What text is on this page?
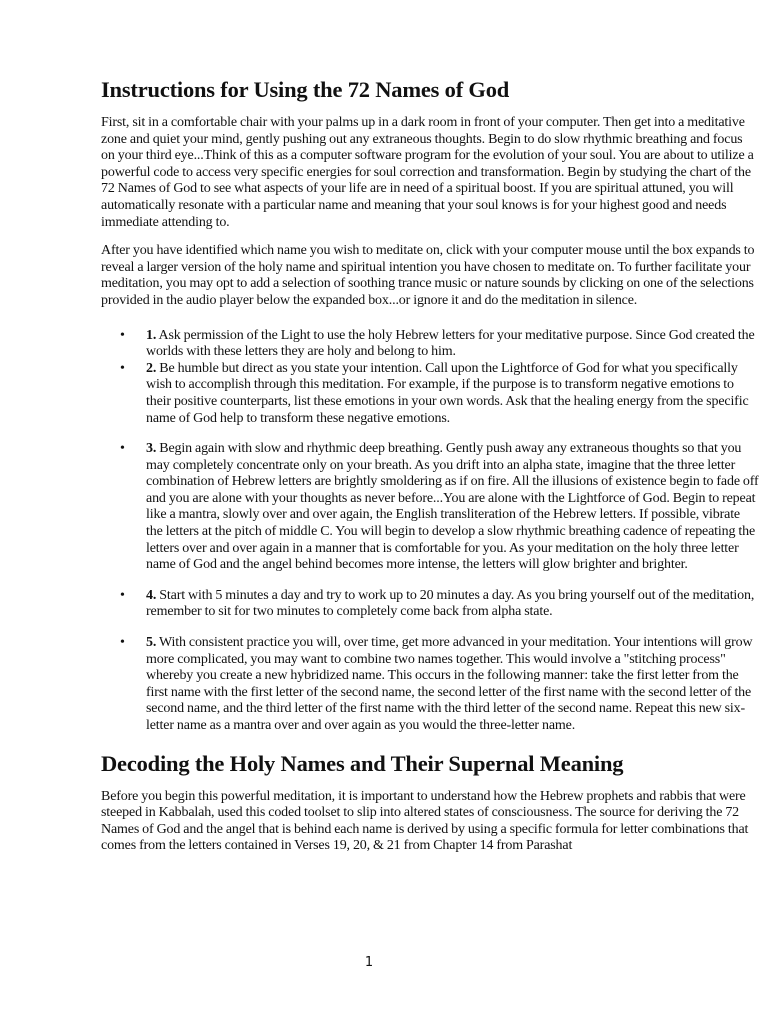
Instructions for Using the 72 Names of God

First, sit in a comfortable chair with your palms up in a dark room in front of your computer. Then get into a meditative zone and quiet your mind, gently pushing out any extraneous thoughts. Begin to do slow rhythmic breathing and focus on your third eye...Think of this as a computer software program for the evolution of your soul. You are about to utilize a powerful code to access very specific energies for soul correction and transformation. Begin by studying the chart of the 72 Names of God to see what aspects of your life are in need of a spiritual boost. If you are spiritual attuned, you will automatically resonate with a particular name and meaning that your soul knows is for your highest good and needs immediate attending to.

After you have identified which name you wish to meditate on, click with your computer mouse until the box expands to reveal a larger version of the holy name and spiritual intention you have chosen to meditate on. To further facilitate your meditation, you may opt to add a selection of soothing trance music or nature sounds by clicking on one of the selections provided in the audio player below the expanded box...or ignore it and do the meditation in silence.

• 1. Ask permission of the Light to use the holy Hebrew letters for your meditative purpose. Since God created the worlds with these letters they are holy and belong to him.
• 2. Be humble but direct as you state your intention. Call upon the Lightforce of God for what you specifically wish to accomplish through this meditation. For example, if the purpose is to transform negative emotions to their positive counterparts, list these emotions in your own words. Ask that the healing energy from the specific name of God help to transform these negative emotions.
• 3. Begin again with slow and rhythmic deep breathing. Gently push away any extraneous thoughts so that you may completely concentrate only on your breath. As you drift into an alpha state, imagine that the three letter combination of Hebrew letters are brightly smoldering as if on fire. All the illusions of existence begin to fade off and you are alone with your thoughts as never before...You are alone with the Lightforce of God. Begin to repeat like a mantra, slowly over and over again, the English transliteration of the Hebrew letters. If possible, vibrate the letters at the pitch of middle C. You will begin to develop a slow rhythmic breathing cadence of repeating the letters over and over again in a manner that is comfortable for you. As your meditation on the holy three letter name of God and the angel behind becomes more intense, the letters will glow brighter and brighter.
• 4. Start with 5 minutes a day and try to work up to 20 minutes a day. As you bring yourself out of the meditation, remember to sit for two minutes to completely come back from alpha state.
• 5. With consistent practice you will, over time, get more advanced in your meditation. Your intentions will grow more complicated, you may want to combine two names together. This would involve a "stitching process" whereby you create a new hybridized name. This occurs in the following manner: take the first letter from the first name with the first letter of the second name, the second letter of the first name with the second letter of the second name, and the third letter of the first name with the third letter of the second name. Repeat this new six-letter name as a mantra over and over again as you would the three-letter name.
Decoding the Holy Names and Their Supernal Meaning

Before you begin this powerful meditation, it is important to understand how the Hebrew prophets and rabbis that were steeped in Kabbalah, used this coded toolset to slip into altered states of consciousness. The source for deriving the 72 Names of God and the angel that is behind each name is derived by using a specific formula for letter combinations that comes from the letters contained in Verses 19, 20, & 21 from Chapter 14 from Parashat

1
